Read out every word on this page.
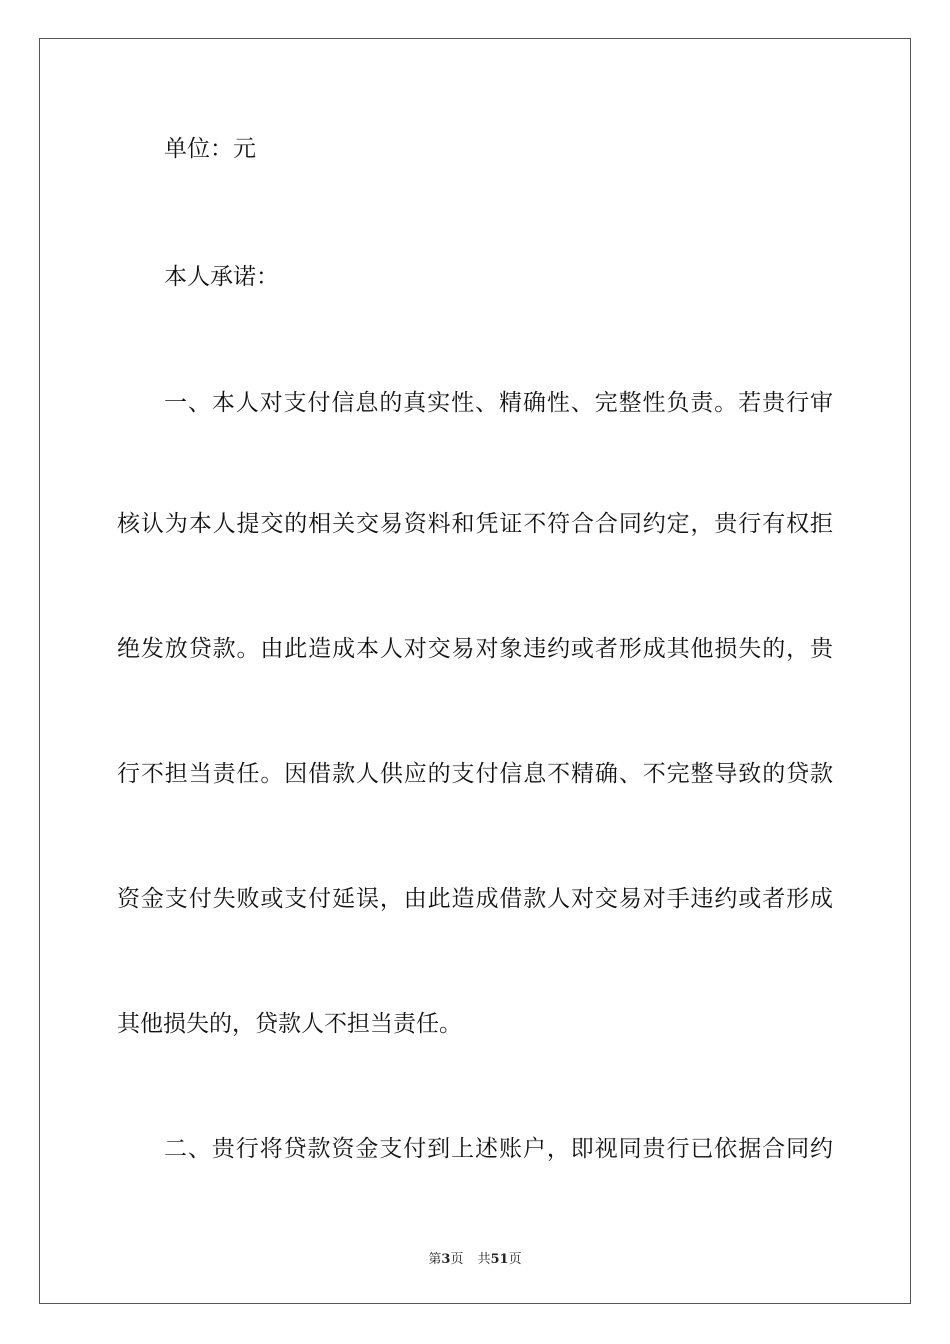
单位：元
本人承诺：
一、本人对支付信息的真实性、精确性、完整性负责。若贵行审
核认为本人提交的相关交易资料和凭证不符合合同约定，贵行有权拒
绝发放贷款。由此造成本人对交易对象违约或者形成其他损失的，贵
行不担当责任。因借款人供应的支付信息不精确、不完整导致的贷款
资金支付失败或支付延误，由此造成借款人对交易对手违约或者形成
其他损失的，贷款人不担当责任。
二、贵行将贷款资金支付到上述账户，即视同贵行已依据合同约
第3页 共51页
